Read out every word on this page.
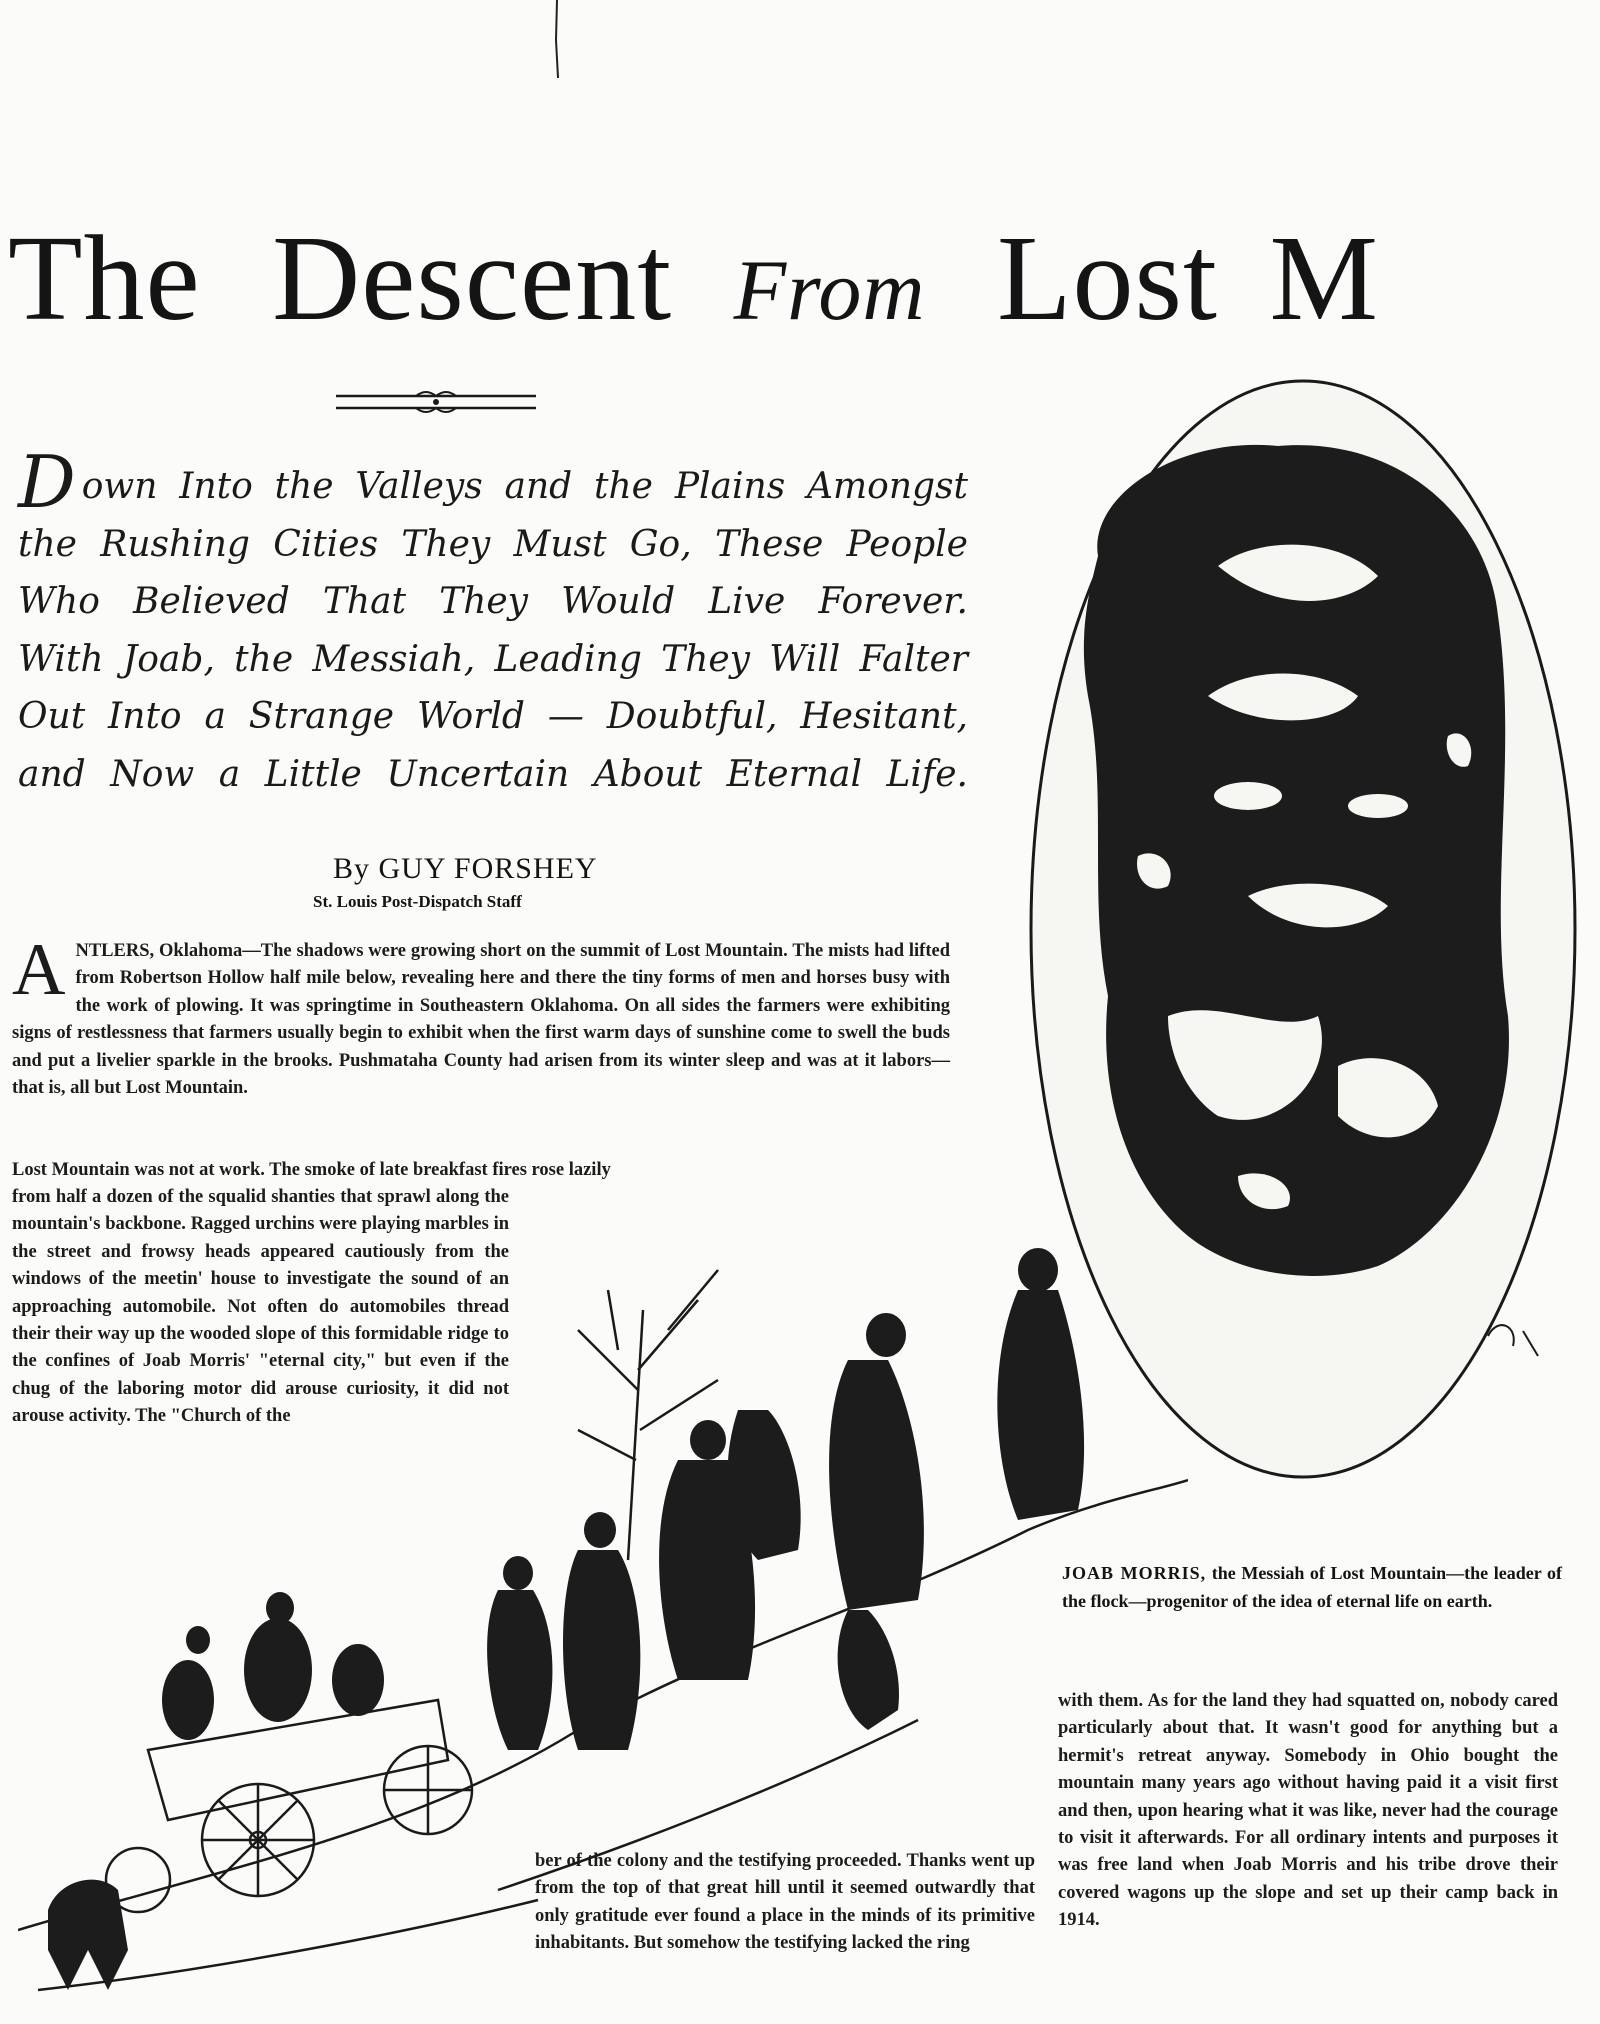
The Descent From Lost M
D own Into the Valleys and the Plains Amongst
the Rushing Cities They Must Go, These People
Who Believed That They Would Live Forever.
With Joab, the Messiah, Leading They Will Falter
Out Into a Strange World — Doubtful, Hesitant,
and Now a Little Uncertain About Eternal Life.
By GUY FORSHEY
St. Louis Post-Dispatch Staff
A NTLERS, Oklahoma—The shadows were growing short on the summit of Lost Mountain. The mists had lifted from Robertson Hollow half mile below, revealing here and there the tiny forms of men and horses busy with the work of plowing. It was springtime in Southeastern Oklahoma. On all sides the farmers were exhibiting signs of restlessness that farmers usually begin to exhibit when the first warm days of sunshine come to swell the buds and put a livelier sparkle in the brooks. Pushmataha County had arisen from its winter sleep and was at it labors—that is, all but Lost Mountain.
Lost Mountain was not at work. The smoke of late breakfast fires rose lazily
from half a dozen of the squalid shanties that sprawl along the mountain's backbone. Ragged urchins were playing marbles in the street and frowsy heads appeared cautiously from the windows of the meetin' house to investigate the sound of an approaching automobile. Not often do automobiles thread their their way up the wooded slope of this formidable ridge to the confines of Joab Morris' "eternal city," but even if the chug of the laboring motor did arouse curiosity, it did not arouse activity. The "Church of the
JOAB MORRIS, the Messiah of Lost Mountain—the leader of the flock—progenitor of the idea of eternal life on earth.
with them. As for the land they had squatted on, nobody cared particularly about that. It wasn't good for anything but a hermit's retreat anyway. Somebody in Ohio bought the mountain many years ago without having paid it a visit first and then, upon hearing what it was like, never had the courage to visit it afterwards. For all ordinary intents and purposes it was free land when Joab Morris and his tribe drove their covered wagons up the slope and set up their camp back in 1914.
ber of the colony and the testifying proceeded. Thanks went up from the top of that great hill until it seemed outwardly that only gratitude ever found a place in the minds of its primitive inhabitants. But somehow the testifying lacked the ring
